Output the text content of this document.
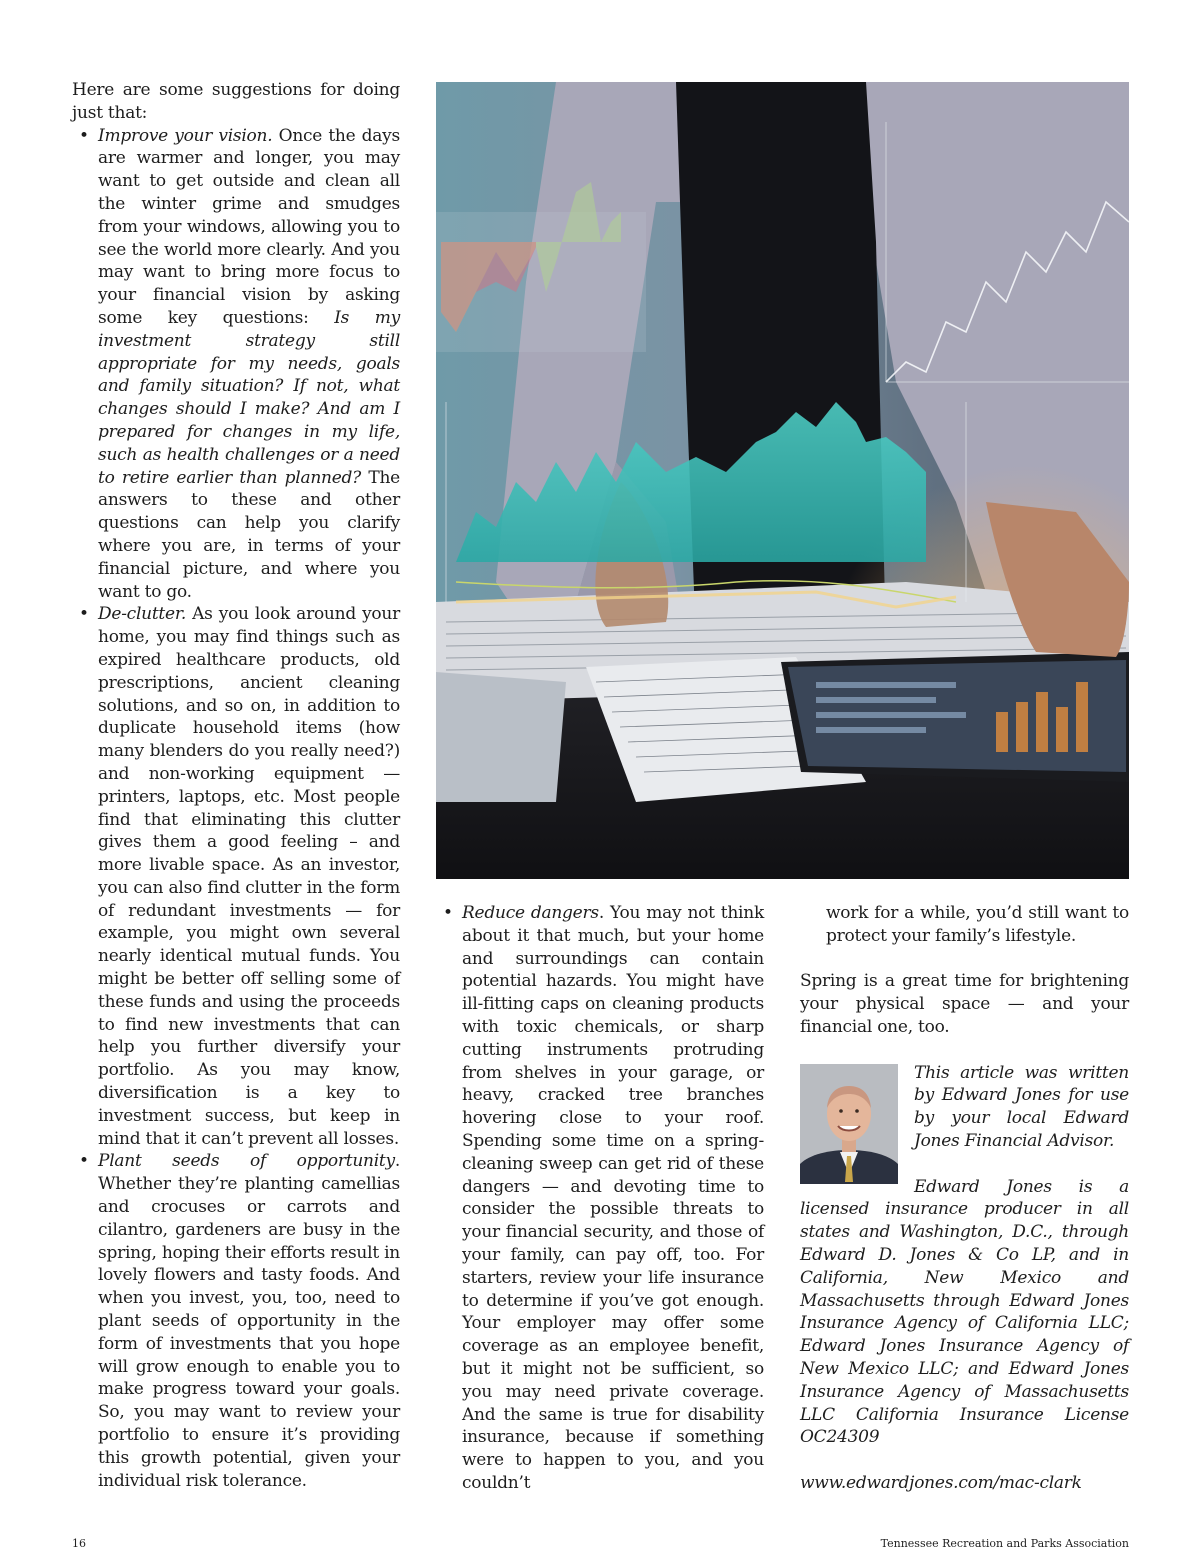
Here are some suggestions for doing just that:

• Improve your vision. Once the days are warmer and longer, you may want to get outside and clean all the winter grime and smudges from your windows, allowing you to see the world more clearly. And you may want to bring more focus to your financial vision by asking some key questions: Is my investment strategy still appropriate for my needs, goals and family situation? If not, what changes should I make? And am I prepared for changes in my life, such as health challenges or a need to retire earlier than planned? The answers to these and other questions can help you clarify where you are, in terms of your financial picture, and where you want to go.
• De-clutter. As you look around your home, you may find things such as expired healthcare products, old prescriptions, ancient cleaning solutions, and so on, in addition to duplicate household items (how many blenders do you really need?) and non-working equipment — printers, laptops, etc. Most people find that eliminating this clutter gives them a good feeling – and more livable space. As an investor, you can also find clutter in the form of redundant investments — for example, you might own several nearly identical mutual funds. You might be better off selling some of these funds and using the proceeds to find new investments that can help you further diversify your portfolio. As you may know, diversification is a key to investment success, but keep in mind that it can’t prevent all losses.
• Plant seeds of opportunity. Whether they’re planting camellias and crocuses or carrots and cilantro, gardeners are busy in the spring, hoping their efforts result in lovely flowers and tasty foods. And when you invest, you, too, need to plant seeds of opportunity in the form of investments that you hope will grow enough to enable you to make progress toward your goals. So, you may want to review your portfolio to ensure it’s providing this growth potential, given your individual risk tolerance.
• Reduce dangers. You may not think about it that much, but your home and surroundings can contain potential hazards. You might have ill-fitting caps on cleaning products with toxic chemicals, or sharp cutting instruments protruding from shelves in your garage, or heavy, cracked tree branches hovering close to your roof. Spending some time on a spring-cleaning sweep can get rid of these dangers — and devoting time to consider the possible threats to your financial security, and those of your family, can pay off, too. For starters, review your life insurance to determine if you’ve got enough. Your employer may offer some coverage as an employee benefit, but it might not be sufficient, so you may need private coverage. And the same is true for disability insurance, because if something were to happen to you, and you couldn’t

work for a while, you’d still want to protect your family’s lifestyle.

Spring is a great time for brightening your physical space — and your financial one, too.

This article was written by Edward Jones for use by your local Edward Jones Financial Advisor.

Edward Jones is a licensed insurance producer in all states and Washington, D.C., through Edward D. Jones & Co LP, and in California, New Mexico and Massachusetts through Edward Jones Insurance Agency of California LLC; Edward Jones Insurance Agency of New Mexico LLC; and Edward Jones Insurance Agency of Massachusetts LLC California Insurance License OC24309

www.edwardjones.com/mac-clark

16	Tennessee Recreation and Parks Association
